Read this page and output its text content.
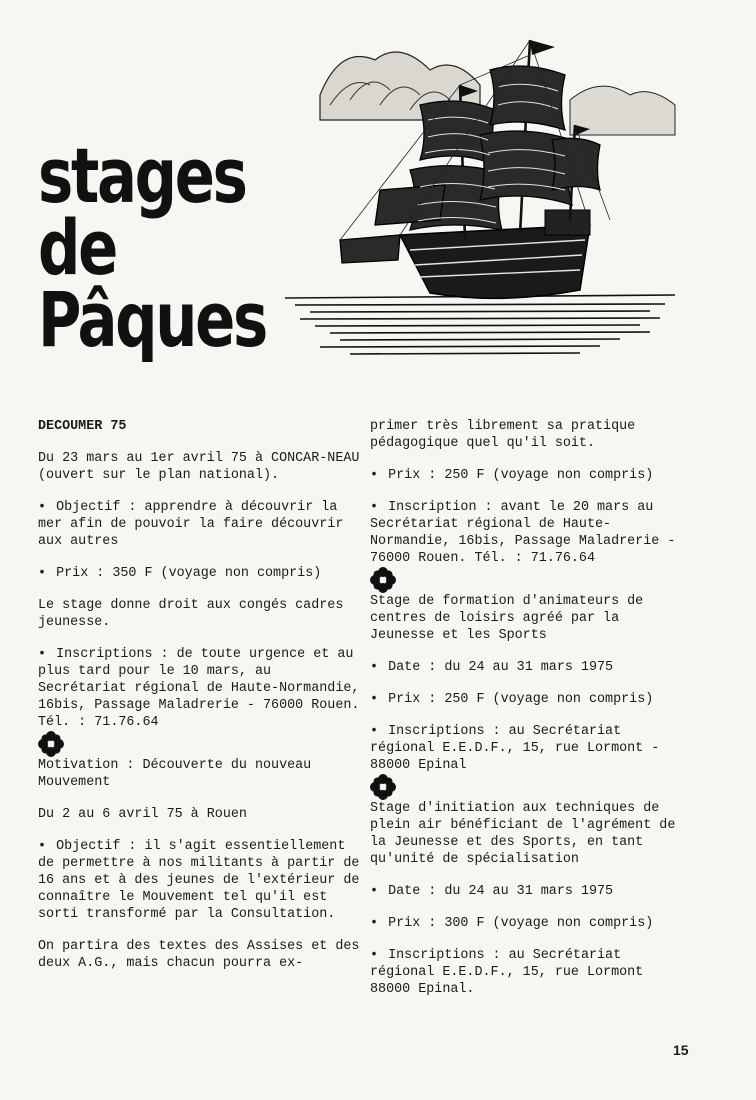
stages
de
Pâques

DECOUMER 75

Du 23 mars au 1er avril 75 à CONCAR-NEAU (ouvert sur le plan national).

• Objectif : apprendre à découvrir la mer afin de pouvoir la faire découvrir aux autres

• Prix : 350 F (voyage non compris)

Le stage donne droit aux congés cadres jeunesse.

• Inscriptions : de toute urgence et au plus tard pour le 10 mars, au Secrétariat régional de Haute-Normandie, 16bis, Passage Maladrerie - 76000 Rouen. Tél. : 71.76.64

Motivation : Découverte du nouveau Mouvement

Du 2 au 6 avril 75 à Rouen

• Objectif : il s'agit essentiellement de permettre à nos militants à partir de 16 ans et à des jeunes de l'extérieur de connaître le Mouvement tel qu'il est sorti transformé par la Consultation.

On partira des textes des Assises et des deux A.G., mais chacun pourra ex-

primer très librement sa pratique pédagogique quel qu'il soit.

• Prix : 250 F (voyage non compris)

• Inscription : avant le 20 mars au Secrétariat régional de Haute-Normandie, 16bis, Passage Maladrerie - 76000 Rouen. Tél. : 71.76.64

Stage de formation d'animateurs de centres de loisirs agréé par la Jeunesse et les Sports

• Date : du 24 au 31 mars 1975

• Prix : 250 F (voyage non compris)

• Inscriptions : au Secrétariat régional E.E.D.F., 15, rue Lormont - 88000 Epinal

Stage d'initiation aux techniques de plein air bénéficiant de l'agrément de la Jeunesse et des Sports, en tant qu'unité de spécialisation

• Date : du 24 au 31 mars 1975

• Prix : 300 F (voyage non compris)

• Inscriptions : au Secrétariat régional E.E.D.F., 15, rue Lormont 88000 Epinal.

15
